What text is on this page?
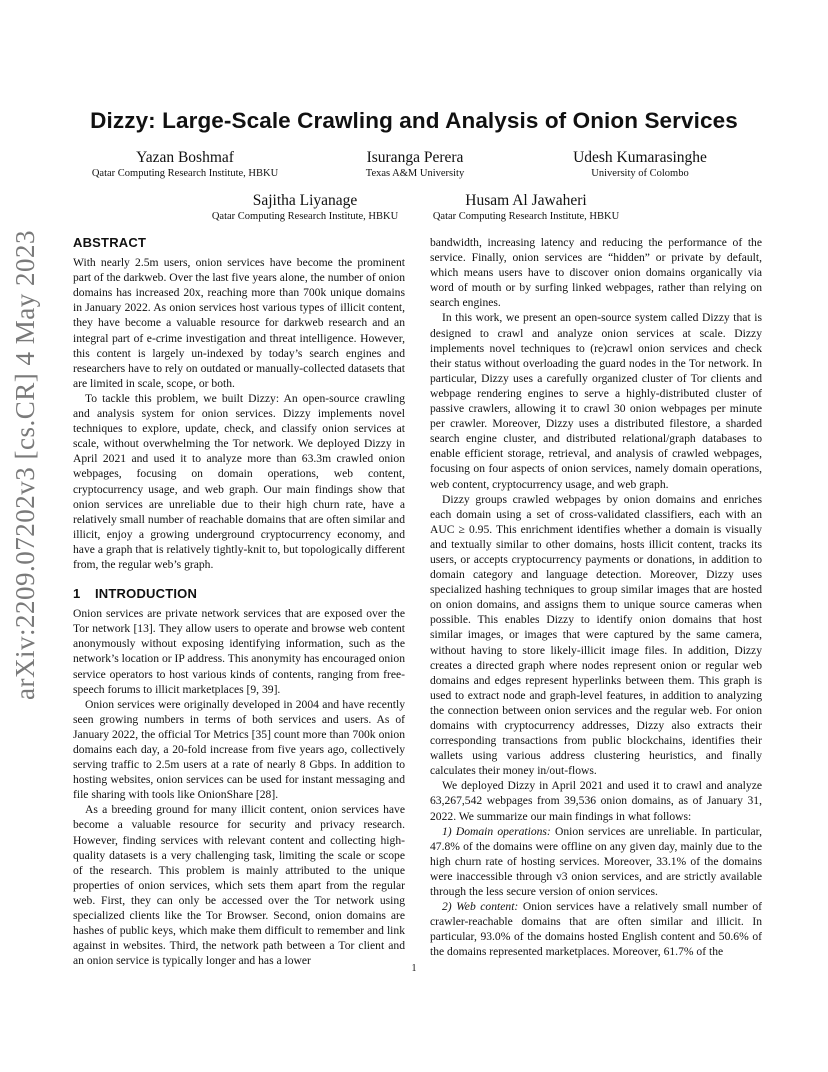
arXiv:2209.07202v3 [cs.CR] 4 May 2023
Dizzy: Large-Scale Crawling and Analysis of Onion Services
Yazan Boshmaf
Qatar Computing Research Institute, HBKU
Isuranga Perera
Texas A&M University
Udesh Kumarasinghe
University of Colombo
Sajitha Liyanage
Qatar Computing Research Institute, HBKU
Husam Al Jawaheri
Qatar Computing Research Institute, HBKU
ABSTRACT

With nearly 2.5m users, onion services have become the prominent part of the darkweb. Over the last five years alone, the number of onion domains has increased 20x, reaching more than 700k unique domains in January 2022. As onion services host various types of illicit content, they have become a valuable resource for darkweb research and an integral part of e-crime investigation and threat intelligence. However, this content is largely un-indexed by today’s search engines and researchers have to rely on outdated or manually-collected datasets that are limited in scale, scope, or both.

To tackle this problem, we built Dizzy: An open-source crawling and analysis system for onion services. Dizzy implements novel techniques to explore, update, check, and classify onion services at scale, without overwhelming the Tor network. We deployed Dizzy in April 2021 and used it to analyze more than 63.3m crawled onion webpages, focusing on domain operations, web content, cryptocurrency usage, and web graph. Our main findings show that onion services are unreliable due to their high churn rate, have a relatively small number of reachable domains that are often similar and illicit, enjoy a growing underground cryptocurrency economy, and have a graph that is relatively tightly-knit to, but topologically different from, the regular web’s graph.

1 INTRODUCTION

Onion services are private network services that are exposed over the Tor network [13]. They allow users to operate and browse web content anonymously without exposing identifying information, such as the network’s location or IP address. This anonymity has encouraged onion service operators to host various kinds of contents, ranging from free-speech forums to illicit marketplaces [9, 39].

Onion services were originally developed in 2004 and have recently seen growing numbers in terms of both services and users. As of January 2022, the official Tor Metrics [35] count more than 700k onion domains each day, a 20-fold increase from five years ago, collectively serving traffic to 2.5m users at a rate of nearly 8 Gbps. In addition to hosting websites, onion services can be used for instant messaging and file sharing with tools like OnionShare [28].

As a breeding ground for many illicit content, onion services have become a valuable resource for security and privacy research. However, finding services with relevant content and collecting high-quality datasets is a very challenging task, limiting the scale or scope of the research. This problem is mainly attributed to the unique properties of onion services, which sets them apart from the regular web. First, they can only be accessed over the Tor network using specialized clients like the Tor Browser. Second, onion domains are hashes of public keys, which make them difficult to remember and link against in websites. Third, the network path between a Tor client and an onion service is typically longer and has a lower

bandwidth, increasing latency and reducing the performance of the service. Finally, onion services are “hidden” or private by default, which means users have to discover onion domains organically via word of mouth or by surfing linked webpages, rather than relying on search engines.

In this work, we present an open-source system called Dizzy that is designed to crawl and analyze onion services at scale. Dizzy implements novel techniques to (re)crawl onion services and check their status without overloading the guard nodes in the Tor network. In particular, Dizzy uses a carefully organized cluster of Tor clients and webpage rendering engines to serve a highly-distributed cluster of passive crawlers, allowing it to crawl 30 onion webpages per minute per crawler. Moreover, Dizzy uses a distributed filestore, a sharded search engine cluster, and distributed relational/graph databases to enable efficient storage, retrieval, and analysis of crawled webpages, focusing on four aspects of onion services, namely domain operations, web content, cryptocurrency usage, and web graph.

Dizzy groups crawled webpages by onion domains and enriches each domain using a set of cross-validated classifiers, each with an AUC ≥ 0.95. This enrichment identifies whether a domain is visually and textually similar to other domains, hosts illicit content, tracks its users, or accepts cryptocurrency payments or donations, in addition to domain category and language detection. Moreover, Dizzy uses specialized hashing techniques to group similar images that are hosted on onion domains, and assigns them to unique source cameras when possible. This enables Dizzy to identify onion domains that host similar images, or images that were captured by the same camera, without having to store likely-illicit image files. In addition, Dizzy creates a directed graph where nodes represent onion or regular web domains and edges represent hyperlinks between them. This graph is used to extract node and graph-level features, in addition to analyzing the connection between onion services and the regular web. For onion domains with cryptocurrency addresses, Dizzy also extracts their corresponding transactions from public blockchains, identifies their wallets using various address clustering heuristics, and finally calculates their money in/out-flows.

We deployed Dizzy in April 2021 and used it to crawl and analyze 63,267,542 webpages from 39,536 onion domains, as of January 31, 2022. We summarize our main findings in what follows:

1) Domain operations: Onion services are unreliable. In particular, 47.8% of the domains were offline on any given day, mainly due to the high churn rate of hosting services. Moreover, 33.1% of the domains were inaccessible through v3 onion services, and are strictly available through the less secure version of onion services.

2) Web content: Onion services have a relatively small number of crawler-reachable domains that are often similar and illicit. In particular, 93.0% of the domains hosted English content and 50.6% of the domains represented marketplaces. Moreover, 61.7% of the

1
